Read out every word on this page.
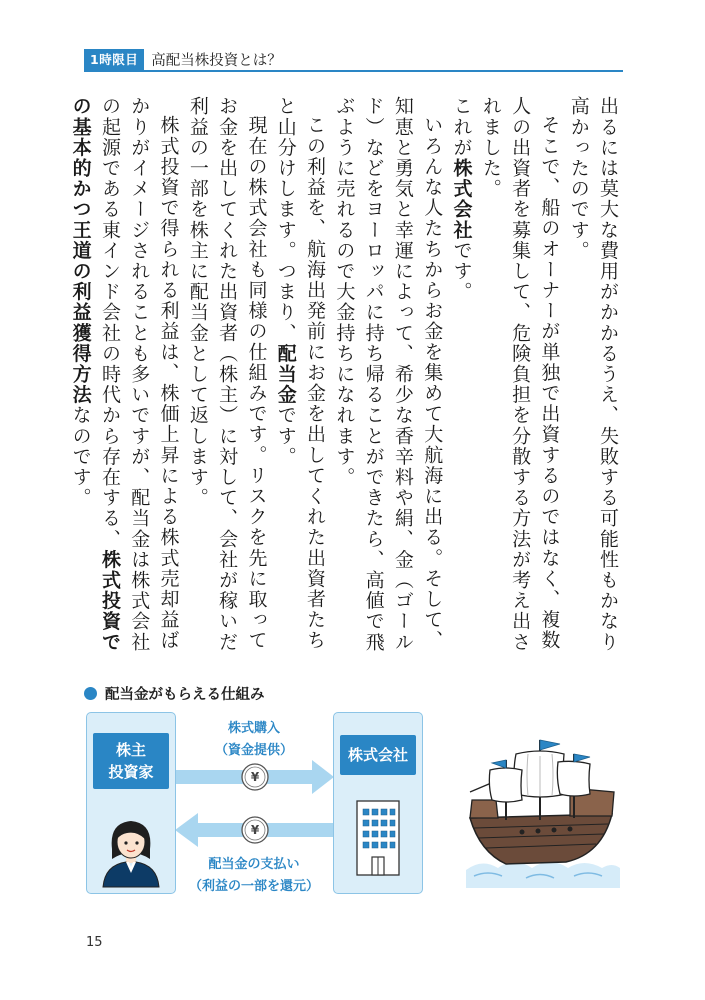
1時限目 高配当株投資とは？

出るには莫大な費用がかかるうえ、失敗する可能性もかなり高かったのです。

そこで、船のオーナーが単独で出資するのではなく、複数人の出資者を募集して、危険負担を分散する方法が考え出されました。

これが株式会社です。

いろんな人たちからお金を集めて大航海に出る。そして、知恵と勇気と幸運によって、希少な香辛料や絹、金（ゴールド）などをヨーロッパに持ち帰ることができたら、高値で飛ぶように売れるので大金持ちになれます。

この利益を、航海出発前にお金を出してくれた出資者たちと山分けします。つまり、配当金です。

現在の株式会社も同様の仕組みです。リスクを先に取ってお金を出してくれた出資者（株主）に対して、会社が稼いだ利益の一部を株主に配当金として返します。

株式投資で得られる利益は、株価上昇による株式売却益ばかりがイメージされることも多いですが、配当金は株式会社の起源である東インド会社の時代から存在する、株式投資での基本的かつ王道の利益獲得方法なのです。

配当金がもらえる仕組み
¥
¥
株主
投資家
株式会社
株式購入
（資金提供）
配当金の支払い
（利益の一部を還元）
15
